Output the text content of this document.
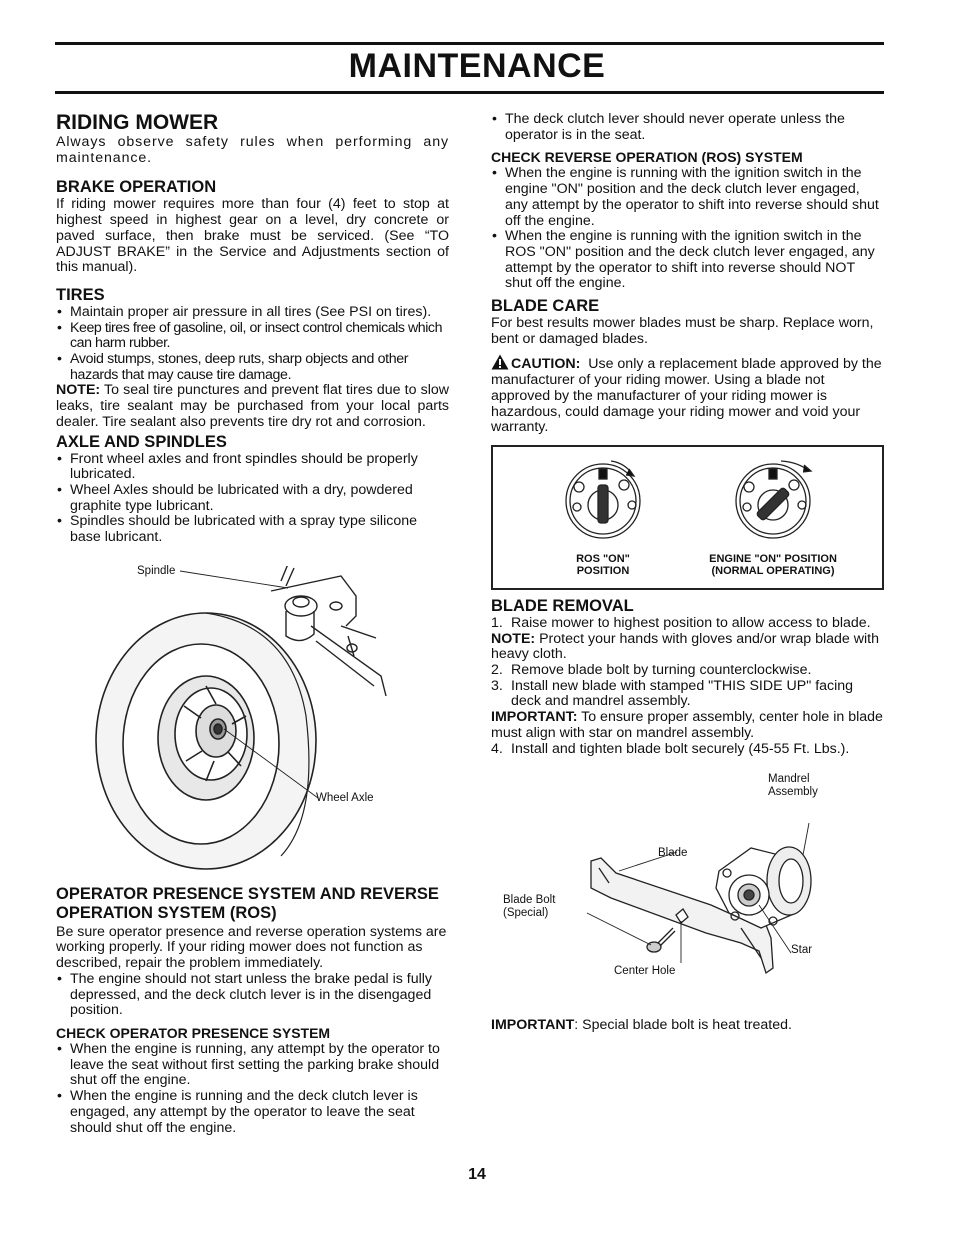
MAINTENANCE
RIDING MOWER

Always observe safety rules when performing any maintenance.

BRAKE OPERATION

If riding mower requires more than four (4) feet to stop at highest speed in highest gear on a level, dry concrete or paved surface, then brake must be serviced. (See “TO ADJUST BRAKE” in the Service and Adjustments section of this manual).

TIRES
• Maintain proper air pressure in all tires (See PSI on tires).
• Keep tires free of gasoline, oil, or insect control chemicals which can harm rubber.
• Avoid stumps, stones, deep ruts, sharp objects and other hazards that may cause tire damage.

NOTE: To seal tire punctures and prevent flat tires due to slow leaks, tire sealant may be purchased from your local parts dealer. Tire sealant also prevents tire dry rot and corrosion.

AXLE AND SPINDLES
• Front wheel axles and front spindles should be properly lubricated.
• Wheel Axles should be lubricated with a dry, powdered graphite type lubricant.
• Spindles should be lubricated with a spray type silicone base lubricant.
Spindle
Wheel Axle
OPERATOR PRESENCE SYSTEM AND REVERSE OPERATION SYSTEM (ROS)

Be sure operator presence and reverse operation systems are working properly. If your riding mower does not function as described, repair the problem immediately.

• The engine should not start unless the brake pedal is fully depressed, and the deck clutch lever is in the disengaged position.
CHECK OPERATOR PRESENCE SYSTEM
• When the engine is running, any attempt by the operator to leave the seat without first setting the parking brake should shut off the engine.
• When the engine is running and the deck clutch lever is engaged, any attempt by the operator to leave the seat should shut off the engine.
• The deck clutch lever should never operate unless the operator is in the seat.
CHECK REVERSE OPERATION (ROS) SYSTEM
• When the engine is running with the ignition switch in the engine "ON" position and the deck clutch lever engaged, any attempt by the operator to shift into reverse should shut off the engine.
• When the engine is running with the ignition switch in the ROS "ON" position and the deck clutch lever engaged, any attempt by the operator to shift into reverse should NOT shut off the engine.
BLADE CARE

For best results mower blades must be sharp. Replace worn, bent or damaged blades.

CAUTION: Use only a replacement blade approved by the manufacturer of your riding mower. Using a blade not approved by the manufacturer of your riding mower is hazardous, could damage your riding mower and void your warranty.

ROS "ON"
POSITION
ENGINE "ON" POSITION
(NORMAL OPERATING)
BLADE REMOVAL
1. Raise mower to highest position to allow access to blade.

NOTE: Protect your hands with gloves and/or wrap blade with heavy cloth.

2. Remove blade bolt by turning counterclockwise.
3. Install new blade with stamped "THIS SIDE UP" facing deck and mandrel assembly.

IMPORTANT: To ensure proper assembly, center hole in blade must align with star on mandrel assembly.

4. Install and tighten blade bolt securely (45-55 Ft. Lbs.).
Mandrel
Assembly
Blade
Blade Bolt
(Special)
Star
Center Hole

IMPORTANT: Special blade bolt is heat treated.

14
